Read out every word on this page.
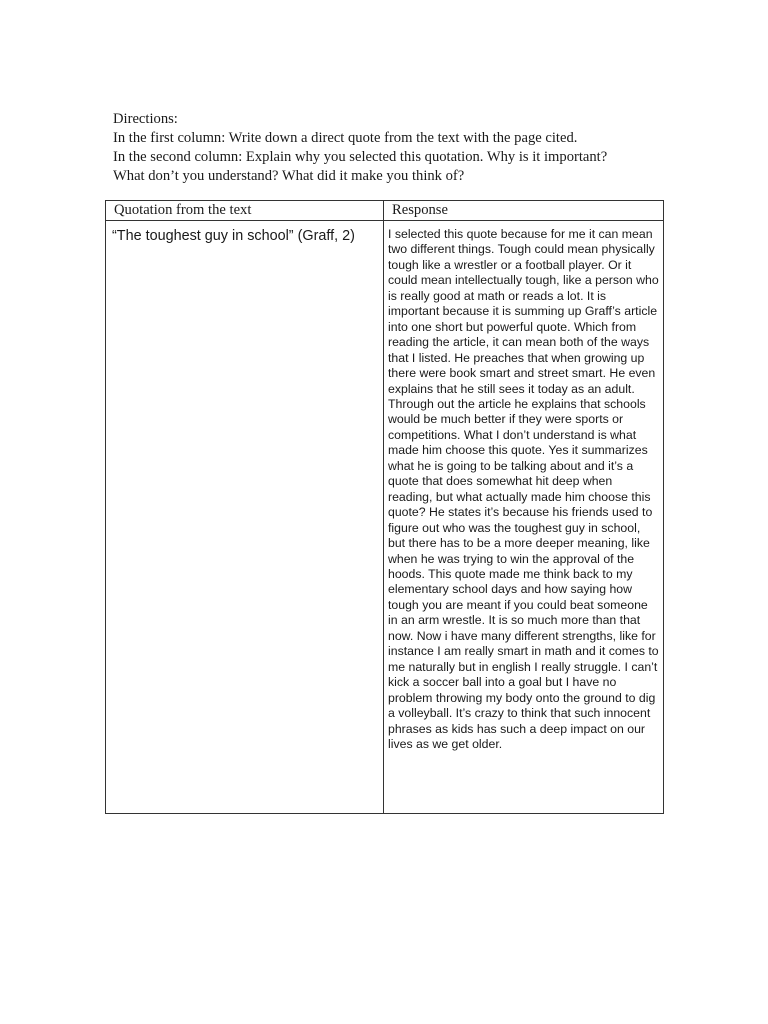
Directions:
In the first column: Write down a direct quote from the text with the page cited.
In the second column: Explain why you selected this quotation. Why is it important?
What don’t you understand? What did it make you think of?
Quotation from the text	Response
“The toughest guy in school” (Graff, 2)	I selected this quote because for me it can mean two different things. Tough could mean physically tough like a wrestler or a football player. Or it could mean intellectually tough, like a person who is really good at math or reads a lot. It is important because it is summing up Graff’s article into one short but powerful quote. Which from reading the article, it can mean both of the ways that I listed. He preaches that when growing up there were book smart and street smart. He even explains that he still sees it today as an adult. Through out the article he explains that schools would be much better if they were sports or competitions. What I don’t understand is what made him choose this quote. Yes it summarizes what he is going to be talking about and it’s a quote that does somewhat hit deep when reading, but what actually made him choose this quote? He states it’s because his friends used to figure out who was the toughest guy in school, but there has to be a more deeper meaning, like when he was trying to win the approval of the hoods. This quote made me think back to my elementary school days and how saying how tough you are meant if you could beat someone in an arm wrestle. It is so much more than that now. Now i have many different strengths, like for instance I am really smart in math and it comes to me naturally but in english I really struggle. I can’t kick a soccer ball into a goal but I have no problem throwing my body onto the ground to dig a volleyball. It’s crazy to think that such innocent phrases as kids has such a deep impact on our lives as we get older.
